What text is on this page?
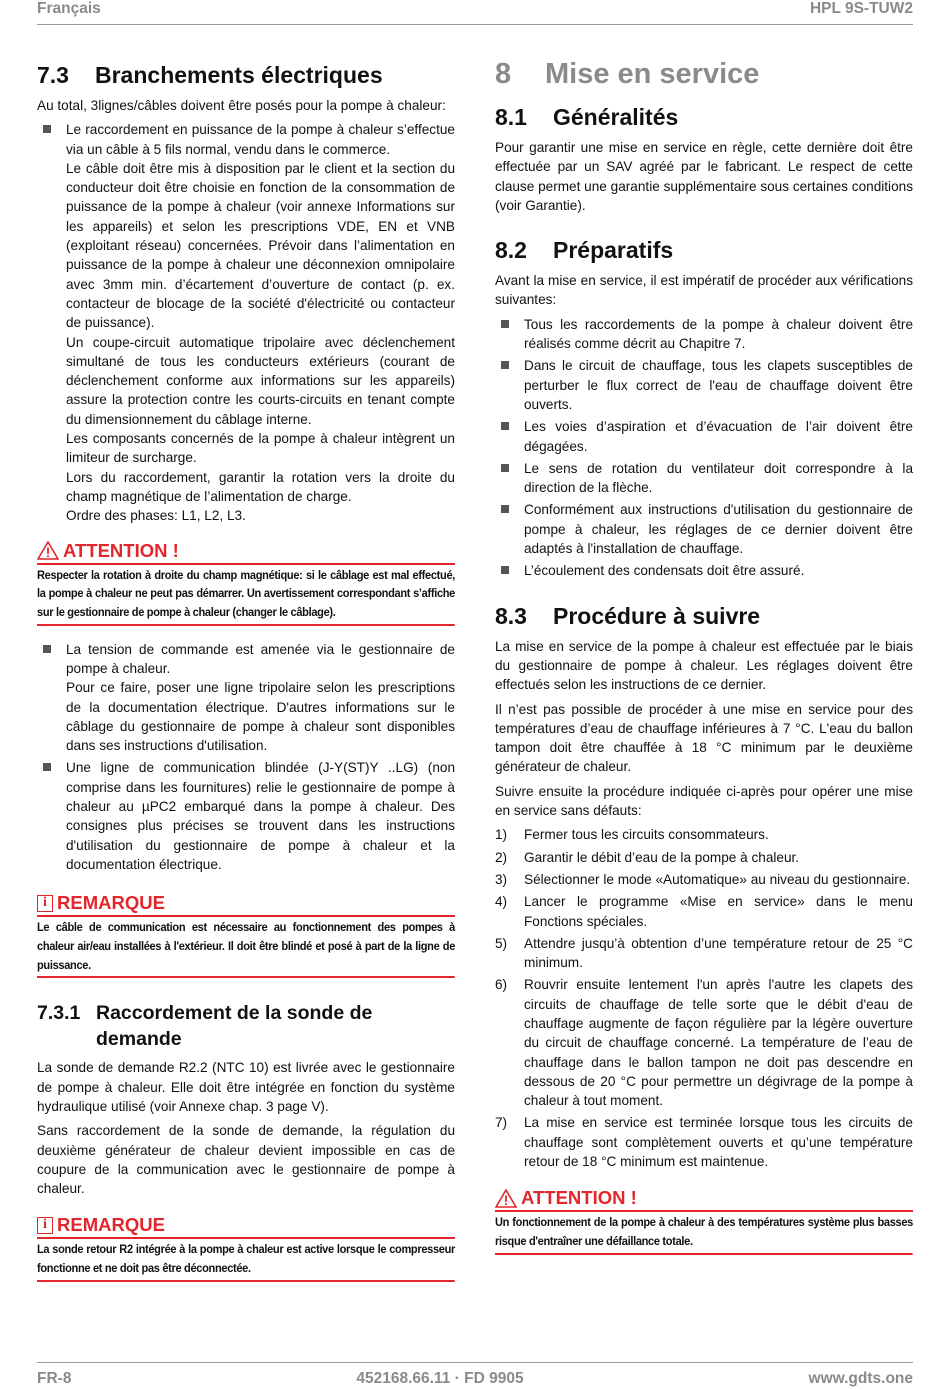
Français	HPL 9S-TUW2
7.3 Branchements électriques

Au total, 3lignes/câbles doivent être posés pour la pompe à chaleur:

Le raccordement en puissance de la pompe à chaleur s’effectue via un câble à 5 fils normal, vendu dans le commerce.
Le câble doit être mis à disposition par le client et la section du conducteur doit être choisie en fonction de la consommation de puissance de la pompe à chaleur (voir annexe Informations sur les appareils) et selon les prescriptions VDE, EN et VNB (exploitant réseau) concernées. Prévoir dans l’alimentation en puissance de la pompe à chaleur une déconnexion omnipolaire avec 3mm min. d’écartement d’ouverture de contact (p. ex. contacteur de blocage de la société d'électricité ou contacteur de puissance).
Un coupe-circuit automatique tripolaire avec déclenchement simultané de tous les conducteurs extérieurs (courant de déclenchement conforme aux informations sur les appareils) assure la protection contre les courts-circuits en tenant compte du dimensionnement du câblage interne.
Les composants concernés de la pompe à chaleur intègrent un limiteur de surcharge.
Lors du raccordement, garantir la rotation vers la droite du champ magnétique de l’alimentation de charge.
Ordre des phases: L1, L2, L3.
ATTENTION !
Respecter la rotation à droite du champ magnétique: si le câblage est mal effectué, la pompe à chaleur ne peut pas démarrer. Un avertissement correspondant s’affiche sur le gestionnaire de pompe à chaleur (changer le câblage).
La tension de commande est amenée via le gestionnaire de pompe à chaleur.
Pour ce faire, poser une ligne tripolaire selon les prescriptions de la documentation électrique. D'autres informations sur le câblage du gestionnaire de pompe à chaleur sont disponibles dans ses instructions d'utilisation.
Une ligne de communication blindée (J-Y(ST)Y ..LG) (non comprise dans les fournitures) relie le gestionnaire de pompe à chaleur au µPC2 embarqué dans la pompe à chaleur. Des consignes plus précises se trouvent dans les instructions d'utilisation du gestionnaire de pompe à chaleur et la documentation électrique.
i REMARQUE
Le câble de communication est nécessaire au fonctionnement des pompes à chaleur air/eau installées à l'extérieur. Il doit être blindé et posé à part de la ligne de puissance.
7.3.1 Raccordement de la sonde de demande

La sonde de demande R2.2 (NTC 10) est livrée avec le gestionnaire de pompe à chaleur. Elle doit être intégrée en fonction du système hydraulique utilisé (voir Annexe chap. 3 page V).

Sans raccordement de la sonde de demande, la régulation du deuxième générateur de chaleur devient impossible en cas de coupure de la communication avec le gestionnaire de pompe à chaleur.

i REMARQUE
La sonde retour R2 intégrée à la pompe à chaleur est active lorsque le compresseur fonctionne et ne doit pas être déconnectée.
8 Mise en service
8.1 Généralités

Pour garantir une mise en service en règle, cette dernière doit être effectuée par un SAV agréé par le fabricant. Le respect de cette clause permet une garantie supplémentaire sous certaines conditions (voir Garantie).

8.2 Préparatifs

Avant la mise en service, il est impératif de procéder aux vérifications suivantes:

Tous les raccordements de la pompe à chaleur doivent être réalisés comme décrit au Chapitre 7.
Dans le circuit de chauffage, tous les clapets susceptibles de perturber le flux correct de l'eau de chauffage doivent être ouverts.
Les voies d’aspiration et d’évacuation de l’air doivent être dégagées.
Le sens de rotation du ventilateur doit correspondre à la direction de la flèche.
Conformément aux instructions d'utilisation du gestionnaire de pompe à chaleur, les réglages de ce dernier doivent être adaptés à l'installation de chauffage.
L’écoulement des condensats doit être assuré.
8.3 Procédure à suivre

La mise en service de la pompe à chaleur est effectuée par le biais du gestionnaire de pompe à chaleur. Les réglages doivent être effectués selon les instructions de ce dernier.

Il n’est pas possible de procéder à une mise en service pour des températures d’eau de chauffage inférieures à 7 °C. L'eau du ballon tampon doit être chauffée à 18 °C minimum par le deuxième générateur de chaleur.

Suivre ensuite la procédure indiquée ci-après pour opérer une mise en service sans défauts:

1) Fermer tous les circuits consommateurs.
2) Garantir le débit d’eau de la pompe à chaleur.
3) Sélectionner le mode «Automatique» au niveau du gestionnaire.
4) Lancer le programme «Mise en service» dans le menu Fonctions spéciales.
5) Attendre jusqu’à obtention d’une température retour de 25 °C minimum.
6) Rouvrir ensuite lentement l'un après l'autre les clapets des circuits de chauffage de telle sorte que le débit d'eau de chauffage augmente de façon régulière par la légère ouverture du circuit de chauffage concerné. La température de l’eau de chauffage dans le ballon tampon ne doit pas descendre en dessous de 20 °C pour permettre un dégivrage de la pompe à chaleur à tout moment.
7) La mise en service est terminée lorsque tous les circuits de chauffage sont complètement ouverts et qu’une température retour de 18 °C minimum est maintenue.
ATTENTION !
Un fonctionnement de la pompe à chaleur à des températures système plus basses risque d'entraîner une défaillance totale.
FR-8	452168.66.11 · FD 9905	www.gdts.one
